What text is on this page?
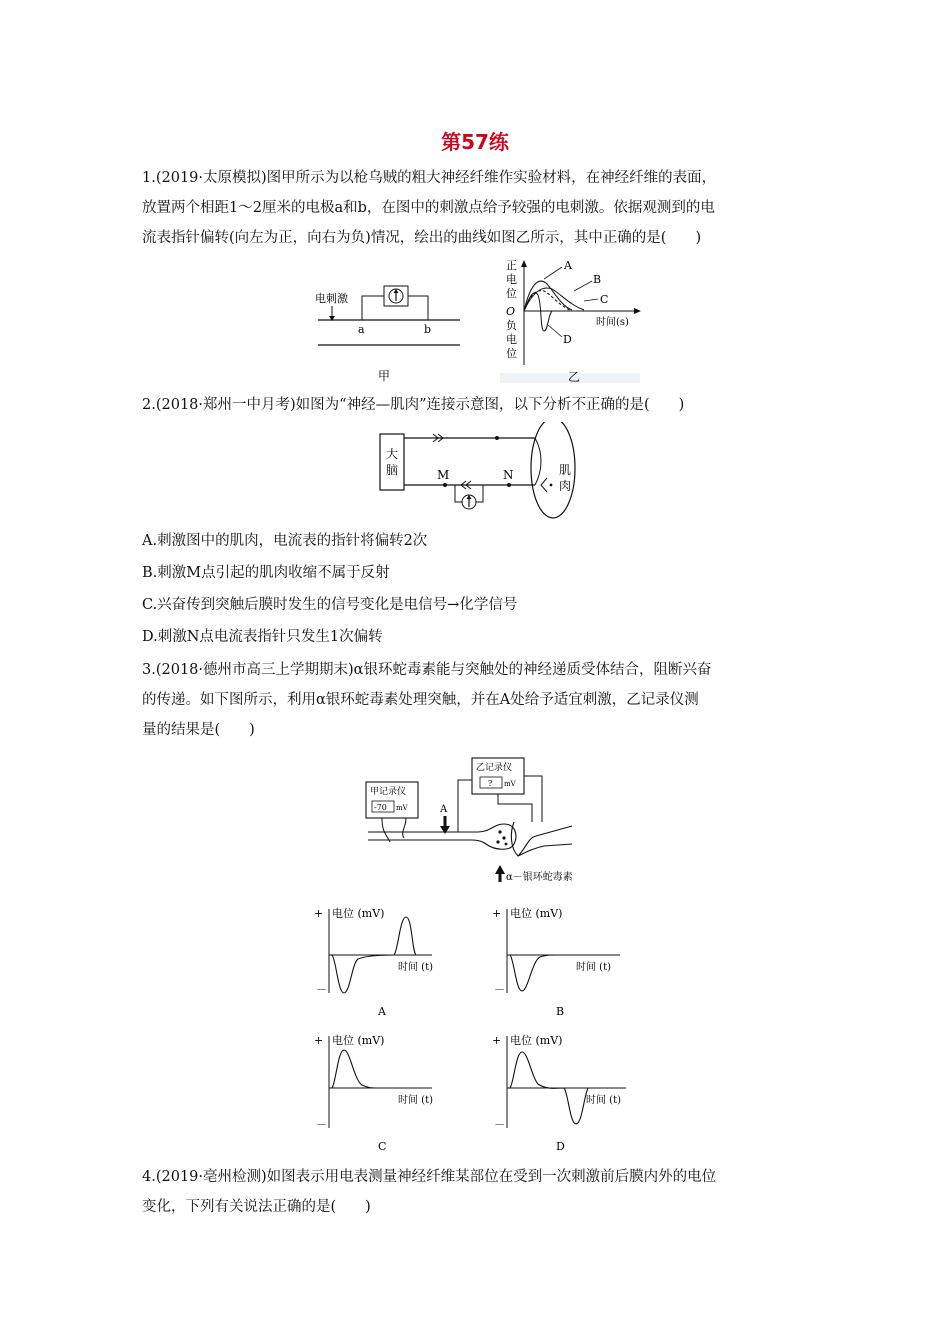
第57练
1.(2019·太原模拟)图甲所示为以枪乌贼的粗大神经纤维作实验材料，在神经纤维的表面，
放置两个相距1～2厘米的电极a和b，在图中的刺激点给予较强的电刺激。依据观测到的电
流表指针偏转(向左为正，向右为负)情况，绘出的曲线如图乙所示，其中正确的是(　　)
电刺激
a	b
甲
正
电
位
负
电
位
O
时间(s)
A
B
C
D
乙
2.(2018·郑州一中月考)如图为“神经—肌肉”连接示意图，以下分析不正确的是(　　)
大
脑	M	N	肌
肉
A.刺激图中的肌肉，电流表的指针将偏转2次
B.刺激M点引起的肌肉收缩不属于反射
C.兴奋传到突触后膜时发生的信号变化是电信号→化学信号
D.刺激N点电流表指针只发生1次偏转
3.(2018·德州市高三上学期期末)α银环蛇毒素能与突触处的神经递质受体结合，阻断兴奋
的传递。如下图所示，利用α银环蛇毒素处理突触，并在A处给予适宜刺激，乙记录仪测
量的结果是(　　)
甲记录仪
-70 mV
乙记录仪
? mV
A
α－银环蛇毒素
+ 电位 (mV)
－
时间 (t)
A
+ 电位 (mV)
－
时间 (t)
B
+ 电位 (mV)
－
时间 (t)
C
+ 电位 (mV)
－
时间 (t)
D
4.(2019·亳州检测)如图表示用电表测量神经纤维某部位在受到一次刺激前后膜内外的电位
变化，下列有关说法正确的是(　　)
